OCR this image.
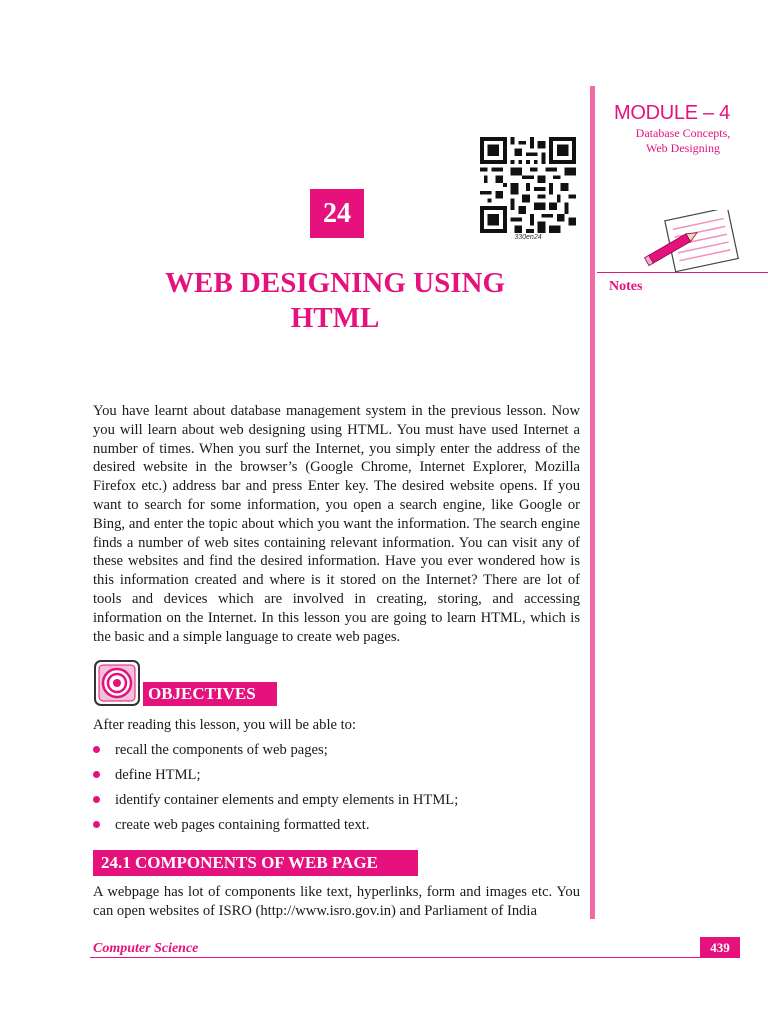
MODULE – 4
Database Concepts,
Web Designing
Notes
24
330en24
WEB DESIGNING USING
HTML
You have learnt about database management system in the previous lesson. Now you will learn about web designing using HTML. You must have used Internet a number of times. When you surf the Internet, you simply enter the address of the desired website in the browser’s (Google Chrome, Internet Explorer, Mozilla Firefox etc.) address bar and press Enter key. The desired website opens. If you want to search for some information, you open a search engine, like Google or Bing, and enter the topic about which you want the information. The search engine finds a number of web sites containing relevant information. You can visit any of these websites and find the desired information. Have you ever wondered how is this information created and where is it stored on the Internet? There are lot of tools and devices which are involved in creating, storing, and accessing information on the Internet. In this lesson you are going to learn HTML, which is the basic and a simple language to create web pages.
OBJECTIVES
After reading this lesson, you will be able to:
recall the components of web pages;
define HTML;
identify container elements and empty elements in HTML;
create web pages containing formatted text.
24.1 COMPONENTS OF WEB PAGE
A webpage has lot of components like text, hyperlinks, form and images etc. You can open websites of ISRO (http://www.isro.gov.in) and Parliament of India
Computer Science	439
